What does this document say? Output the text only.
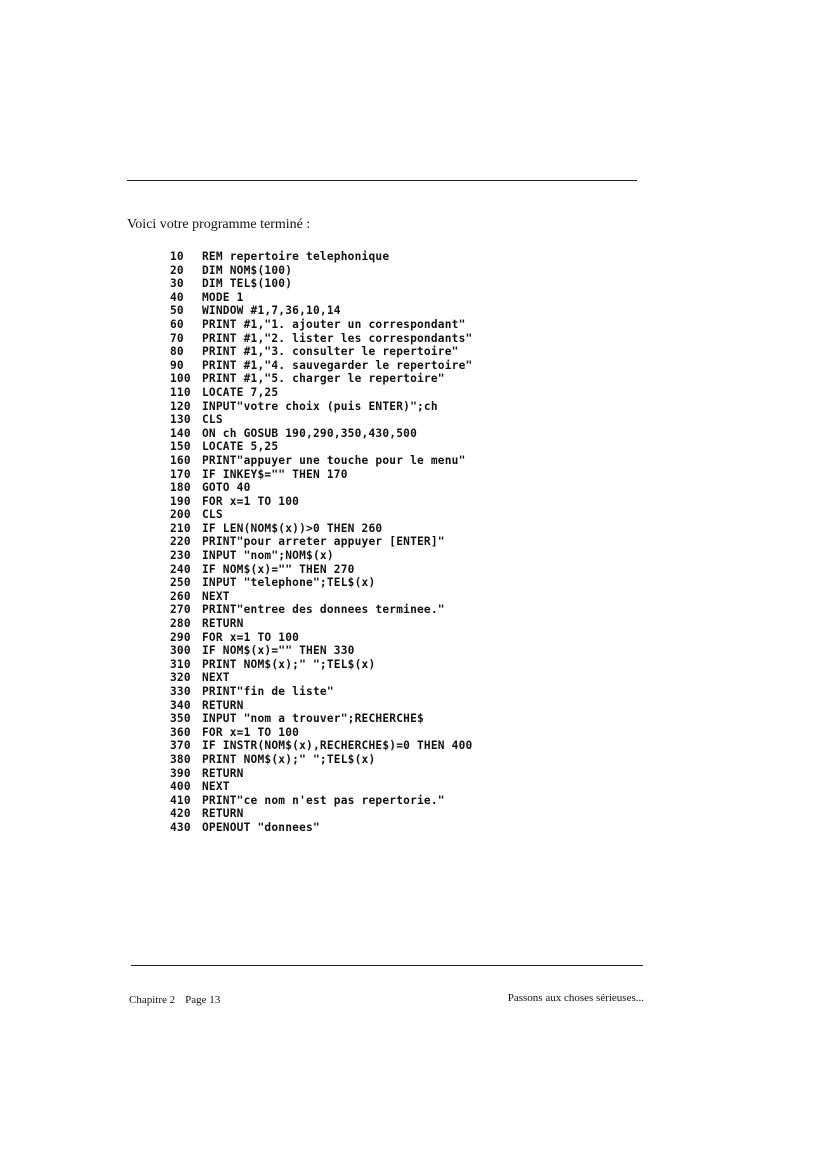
Voici votre programme terminé :

10 REM repertoire telephonique
20 DIM NOM$(100)
30 DIM TEL$(100)
40 MODE 1
50 WINDOW #1,7,36,10,14
60 PRINT #1,"1. ajouter un correspondant"
70 PRINT #1,"2. lister les correspondants"
80 PRINT #1,"3. consulter le repertoire"
90 PRINT #1,"4. sauvegarder le repertoire"
100 PRINT #1,"5. charger le repertoire"
110 LOCATE 7,25
120 INPUT"votre choix (puis ENTER)";ch
130 CLS
140 ON ch GOSUB 190,290,350,430,500
150 LOCATE 5,25
160 PRINT"appuyer une touche pour le menu"
170 IF INKEY$="" THEN 170
180 GOTO 40
190 FOR x=1 TO 100
200 CLS
210 IF LEN(NOM$(x))>0 THEN 260
220 PRINT"pour arreter appuyer [ENTER]"
230 INPUT "nom";NOM$(x)
240 IF NOM$(x)="" THEN 270
250 INPUT "telephone";TEL$(x)
260 NEXT
270 PRINT"entree des donnees terminee."
280 RETURN
290 FOR x=1 TO 100
300 IF NOM$(x)="" THEN 330
310 PRINT NOM$(x);" ";TEL$(x)
320 NEXT
330 PRINT"fin de liste"
340 RETURN
350 INPUT "nom a trouver";RECHERCHE$
360 FOR x=1 TO 100
370 IF INSTR(NOM$(x),RECHERCHE$)=0 THEN 400
380 PRINT NOM$(x);" ";TEL$(x)
390 RETURN
400 NEXT
410 PRINT"ce nom n'est pas repertorie."
420 RETURN
430 OPENOUT "donnees"
Chapitre 2 Page 13	Passons aux choses sérieuses...
